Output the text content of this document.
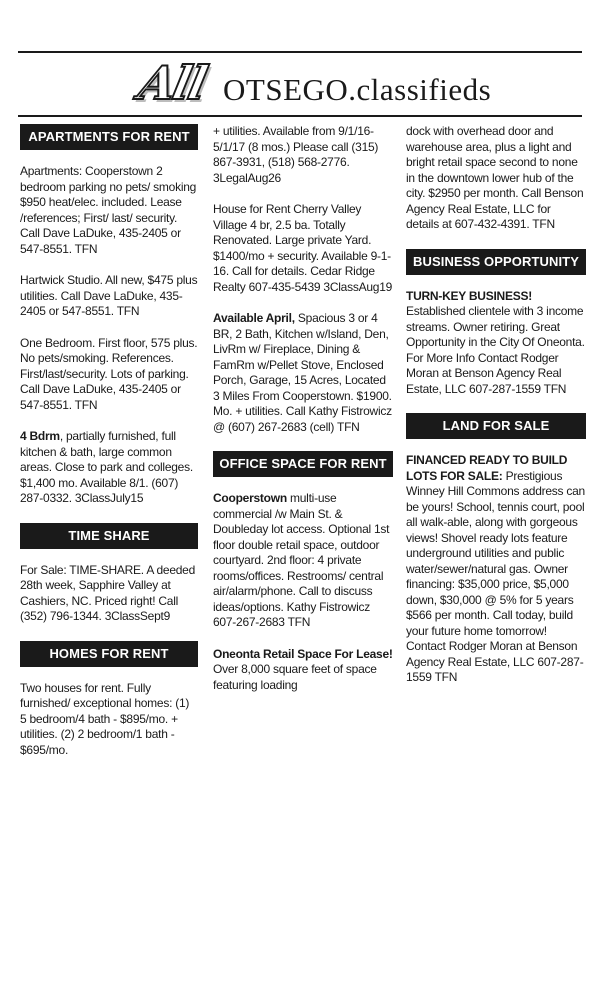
All OTSEGO.classifieds
APARTMENTS FOR RENT

Apartments: Cooperstown 2 bedroom parking no pets/ smoking $950 heat/elec. included. Lease /references; First/ last/ security. Call Dave LaDuke, 435-2405 or 547-8551. TFN

Hartwick Studio. All new, $475 plus utilities. Call Dave LaDuke, 435-2405 or 547-8551. TFN

One Bedroom. First floor, 575 plus. No pets/smoking. References. First/last/security. Lots of parking. Call Dave LaDuke, 435-2405 or 547-8551. TFN

4 Bdrm, partially furnished, full kitchen & bath, large common areas. Close to park and colleges. $1,400 mo. Available 8/1. (607) 287-0332. 3ClassJuly15

TIME SHARE

For Sale: TIME-SHARE. A deeded 28th week, Sapphire Valley at Cashiers, NC. Priced right! Call (352) 796-1344. 3ClassSept9

HOMES FOR RENT

Two houses for rent. Fully furnished/ exceptional homes: (1) 5 bedroom/4 bath - $895/mo. + utilities. (2) 2 bedroom/1 bath - $695/mo.

+ utilities. Available from 9/1/16-5/1/17 (8 mos.) Please call (315) 867-3931, (518) 568-2776. 3LegalAug26

House for Rent Cherry Valley Village 4 br, 2.5 ba. Totally Renovated. Large private Yard. $1400/mo + security. Available 9-1-16. Call for details. Cedar Ridge Realty 607-435-5439 3ClassAug19

Available April, Spacious 3 or 4 BR, 2 Bath, Kitchen w/Island, Den, LivRm w/ Fireplace, Dining & FamRm w/Pellet Stove, Enclosed Porch, Garage, 15 Acres, Located 3 Miles From Cooperstown. $1900. Mo. + utilities. Call Kathy Fistrowicz @ (607) 267-2683 (cell) TFN

OFFICE SPACE FOR RENT

Cooperstown multi-use commercial /w Main St. & Doubleday lot access. Optional 1st floor double retail space, outdoor courtyard. 2nd floor: 4 private rooms/offices. Restrooms/ central air/alarm/phone. Call to discuss ideas/options. Kathy Fistrowicz 607-267-2683 TFN

Oneonta Retail Space For Lease! Over 8,000 square feet of space featuring loading

dock with overhead door and warehouse area, plus a light and bright retail space second to none in the downtown lower hub of the city. $2950 per month. Call Benson Agency Real Estate, LLC for details at 607-432-4391. TFN

BUSINESS OPPORTUNITY

TURN-KEY BUSINESS! Established clientele with 3 income streams. Owner retiring. Great Opportunity in the City Of Oneonta. For More Info Contact Rodger Moran at Benson Agency Real Estate, LLC 607-287-1559 TFN

LAND FOR SALE

FINANCED READY TO BUILD LOTS FOR SALE: Prestigious Winney Hill Commons address can be yours! School, tennis court, pool all walk-able, along with gorgeous views! Shovel ready lots feature underground utilities and public water/sewer/natural gas. Owner financing: $35,000 price, $5,000 down, $30,000 @ 5% for 5 years $566 per month. Call today, build your future home tomorrow! Contact Rodger Moran at Benson Agency Real Estate, LLC 607-287-1559 TFN
